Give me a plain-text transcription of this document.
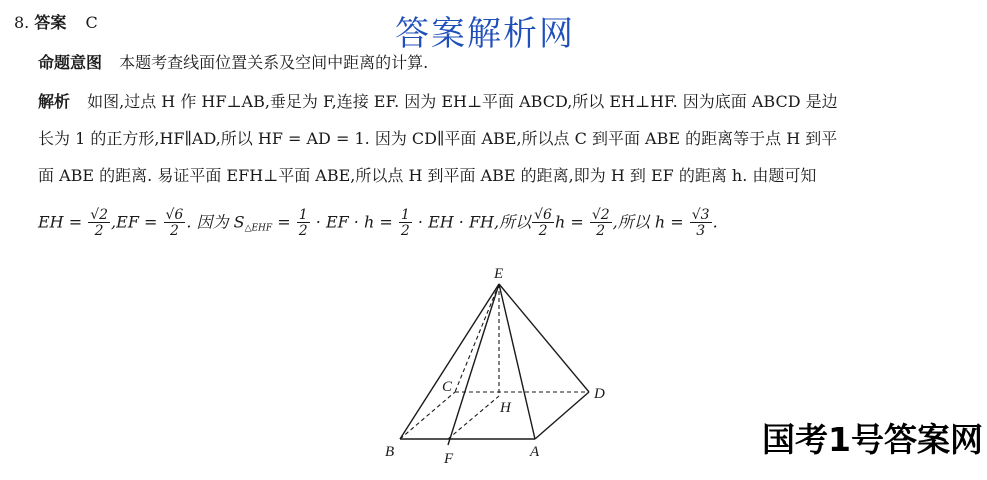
答案解析网
国考1号答案网
8. 答案 C
命题意图 本题考查线面位置关系及空间中距离的计算.
解析 如图,过点 H 作 HF⊥AB,垂足为 F,连接 EF. 因为 EH⊥平面 ABCD,所以 EH⊥HF. 因为底面 ABCD 是边
长为 1 的正方形,HF∥AD,所以 HF = AD = 1. 因为 CD∥平面 ABE,所以点 C 到平面 ABE 的距离等于点 H 到平
面 ABE 的距离. 易证平面 EFH⊥平面 ABE,所以点 H 到平面 ABE 的距离,即为 H 到 EF 的距离 h. 由题可知
EH = $\frac{√2}{2} ,EF = \frac{√6}{2}$ . 因为 $S_{\triangle EHF} = \frac{1}{2}$ · EF · $h = \frac{1}{2}$ · EH · FH,所以 $\frac{√6}{2}$ $h = \frac{√2}{2}$ ,所以 $h = \frac{√3}{3}$ .
E
C
H
D
B	F	A
